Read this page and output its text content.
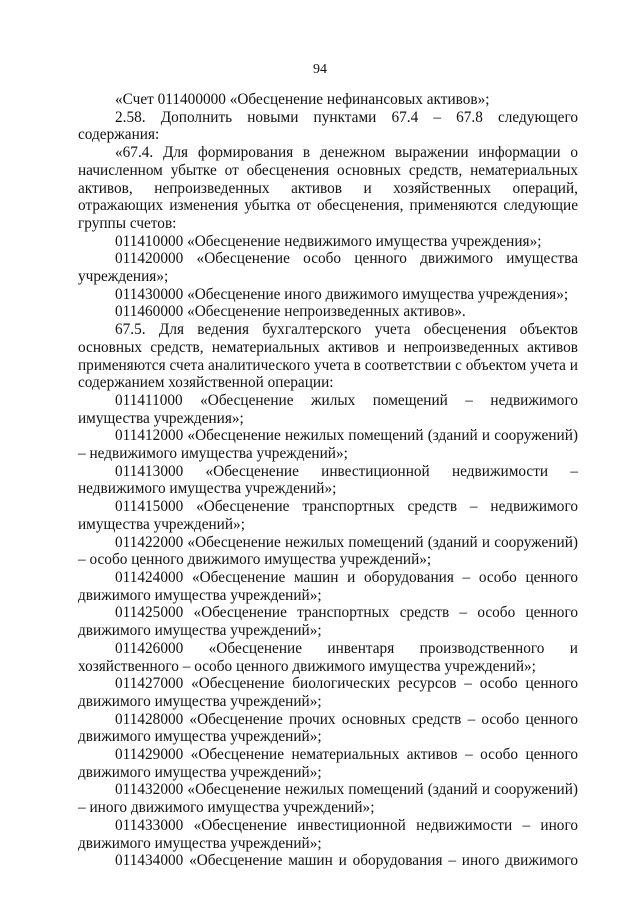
94

«Счет 011400000 «Обесценение нефинансовых активов»;

2.58. Дополнить новыми пунктами 67.4 – 67.8 следующего содержания:

«67.4. Для формирования в денежном выражении информации о начисленном убытке от обесценения основных средств, нематериальных активов, непроизведенных активов и хозяйственных операций, отражающих изменения убытка от обесценения, применяются следующие группы счетов:

011410000 «Обесценение недвижимого имущества учреждения»;

011420000 «Обесценение особо ценного движимого имущества учреждения»;

011430000 «Обесценение иного движимого имущества учреждения»;

011460000 «Обесценение непроизведенных активов».

67.5. Для ведения бухгалтерского учета обесценения объектов основных средств, нематериальных активов и непроизведенных активов применяются счета аналитического учета в соответствии с объектом учета и содержанием хозяйственной операции:

011411000 «Обесценение жилых помещений – недвижимого имущества учреждения»;

011412000 «Обесценение нежилых помещений (зданий и сооружений) – недвижимого имущества учреждений»;

011413000 «Обесценение инвестиционной недвижимости – недвижимого имущества учреждений»;

011415000 «Обесценение транспортных средств – недвижимого имущества учреждений»;

011422000 «Обесценение нежилых помещений (зданий и сооружений) – особо ценного движимого имущества учреждений»;

011424000 «Обесценение машин и оборудования – особо ценного движимого имущества учреждений»;

011425000 «Обесценение транспортных средств – особо ценного движимого имущества учреждений»;

011426000 «Обесценение инвентаря производственного и хозяйственного – особо ценного движимого имущества учреждений»;

011427000 «Обесценение биологических ресурсов – особо ценного движимого имущества учреждений»;

011428000 «Обесценение прочих основных средств – особо ценного движимого имущества учреждений»;

011429000 «Обесценение нематериальных активов – особо ценного движимого имущества учреждений»;

011432000 «Обесценение нежилых помещений (зданий и сооружений) – иного движимого имущества учреждений»;

011433000 «Обесценение инвестиционной недвижимости – иного движимого имущества учреждений»;

011434000 «Обесценение машин и оборудования – иного движимого
